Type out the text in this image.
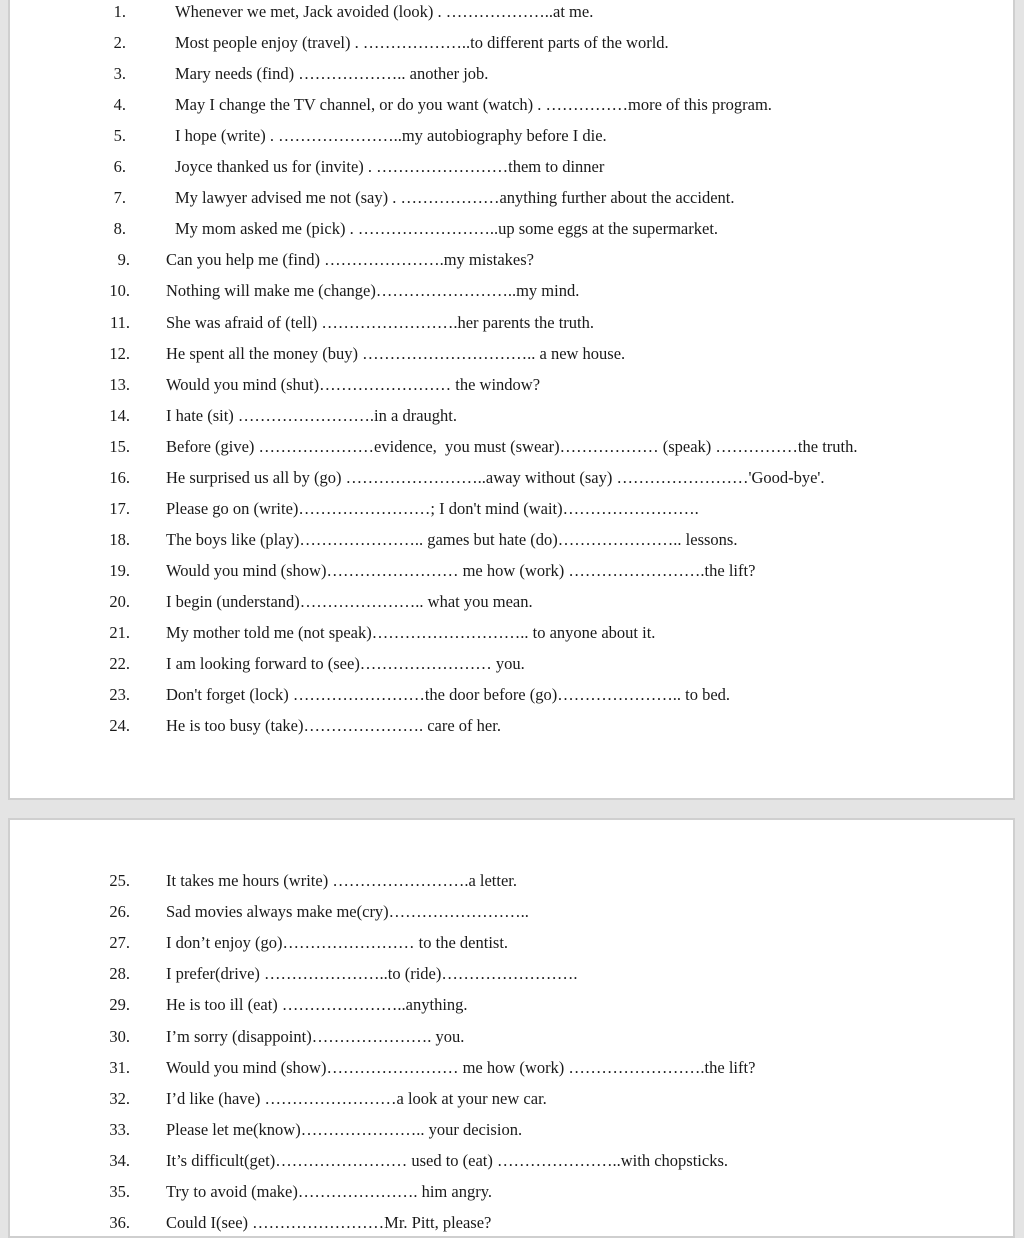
1.	Whenever we met, Jack avoided (look) . ………………..at me.
2.	Most people enjoy (travel) . ………………..to different parts of the world.
3.	Mary needs (find) ……………….. another job.
4.	May I change the TV channel, or do you want (watch) . ……………more of this program.
5.	I hope (write) . …………………..my autobiography before I die.
6.	Joyce thanked us for (invite) . ……………………them to dinner
7.	My lawyer advised me not (say) . ………………anything further about the accident.
8.	My mom asked me (pick) . ……………………..up some eggs at the supermarket.
9. Can you help me (find) ………………….my mistakes?
10. Nothing will make me (change)……………………..my mind.
11. She was afraid of (tell) …………………….her parents the truth.
12. He spent all the money (buy) ………………………….. a new house.
13. Would you mind (shut)…………………… the window?
14. I hate (sit) …………………….in a draught.
15. Before (give) …………………evidence,  you must (swear)……………… (speak) ……………the truth.
16. He surprised us all by (go) ……………………..away without (say) ……………………'Good-bye'.
17. Please go on (write)……………………; I don't mind (wait)…………………….
18. The boys like (play)………………….. games but hate (do)………………….. lessons.
19. Would you mind (show)…………………… me how (work) …………………….the lift?
20. I begin (understand)………………….. what you mean.
21. My mother told me (not speak)……………………….. to anyone about it.
22. I am looking forward to (see)…………………… you.
23. Don't forget (lock) ……………………the door before (go)………………….. to bed.
24. He is too busy (take)…………………. care of her.
25. It takes me hours (write) …………………….a letter.
26. Sad movies always make me(cry)……………………..
27. I don’t enjoy (go)…………………… to the dentist.
28. I prefer(drive) …………………..to (ride)…………………….
29. He is too ill (eat) …………………..anything.
30. I’m sorry (disappoint)…………………. you.
31. Would you mind (show)…………………… me how (work) …………………….the lift?
32. I’d like (have) ……………………a look at your new car.
33. Please let me(know)………………….. your decision.
34. It’s difficult(get)…………………… used to (eat) …………………..with chopsticks.
35. Try to avoid (make)…………………. him angry.
36. Could I(see) ……………………Mr. Pitt, please?
